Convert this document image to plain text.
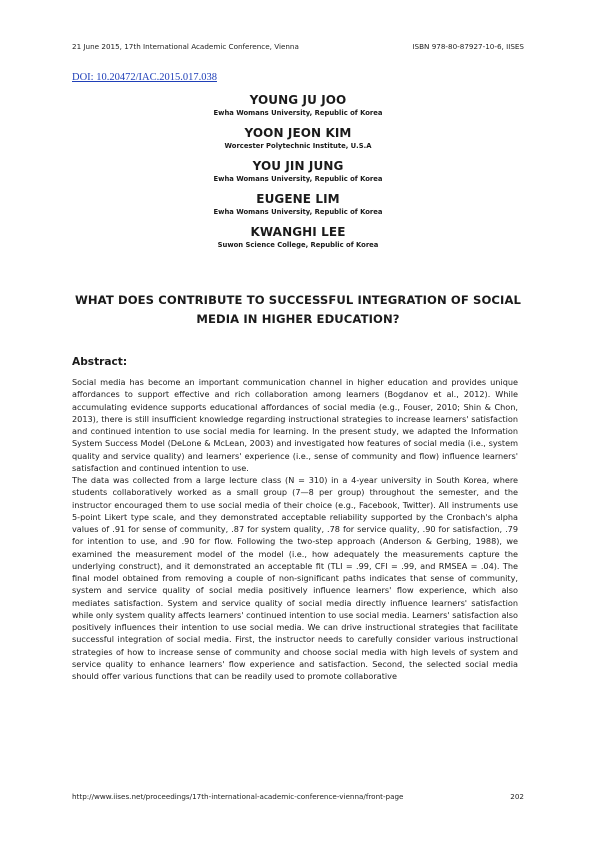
21 June 2015, 17th International Academic Conference, Vienna	ISBN 978-80-87927-10-6, IISES
DOI: 10.20472/IAC.2015.017.038
YOUNG JU JOO
Ewha Womans University, Republic of Korea
YOON JEON KIM
Worcester Polytechnic Institute, U.S.A
YOU JIN JUNG
Ewha Womans University, Republic of Korea
EUGENE LIM
Ewha Womans University, Republic of Korea
KWANGHI LEE
Suwon Science College, Republic of Korea
WHAT DOES CONTRIBUTE TO SUCCESSFUL INTEGRATION OF SOCIAL MEDIA IN HIGHER EDUCATION?
Abstract:

Social media has become an important communication channel in higher education and provides unique affordances to support effective and rich collaboration among learners (Bogdanov et al., 2012). While accumulating evidence supports educational affordances of social media (e.g., Fouser, 2010; Shin & Chon, 2013), there is still insufficient knowledge regarding instructional strategies to increase learners' satisfaction and continued intention to use social media for learning. In the present study, we adapted the Information System Success Model (DeLone & McLean, 2003) and investigated how features of social media (i.e., system quality and service quality) and learners' experience (i.e., sense of community and flow) influence learners' satisfaction and continued intention to use.

The data was collected from a large lecture class (N = 310) in a 4-year university in South Korea, where students collaboratively worked as a small group (7—8 per group) throughout the semester, and the instructor encouraged them to use social media of their choice (e.g., Facebook, Twitter). All instruments use 5-point Likert type scale, and they demonstrated acceptable reliability supported by the Cronbach's alpha values of .91 for sense of community, .87 for system quality, .78 for service quality, .90 for satisfaction, .79 for intention to use, and .90 for flow. Following the two-step approach (Anderson & Gerbing, 1988), we examined the measurement model of the model (i.e., how adequately the measurements capture the underlying construct), and it demonstrated an acceptable fit (TLI = .99, CFI = .99, and RMSEA = .04). The final model obtained from removing a couple of non-significant paths indicates that sense of community, system and service quality of social media positively influence learners' flow experience, which also mediates satisfaction. System and service quality of social media directly influence learners' satisfaction while only system quality affects learners' continued intention to use social media. Learners' satisfaction also positively influences their intention to use social media. We can drive instructional strategies that facilitate successful integration of social media. First, the instructor needs to carefully consider various instructional strategies of how to increase sense of community and choose social media with high levels of system and service quality to enhance learners' flow experience and satisfaction. Second, the selected social media should offer various functions that can be readily used to promote collaborative

http://www.iises.net/proceedings/17th-international-academic-conference-vienna/front-page	202
